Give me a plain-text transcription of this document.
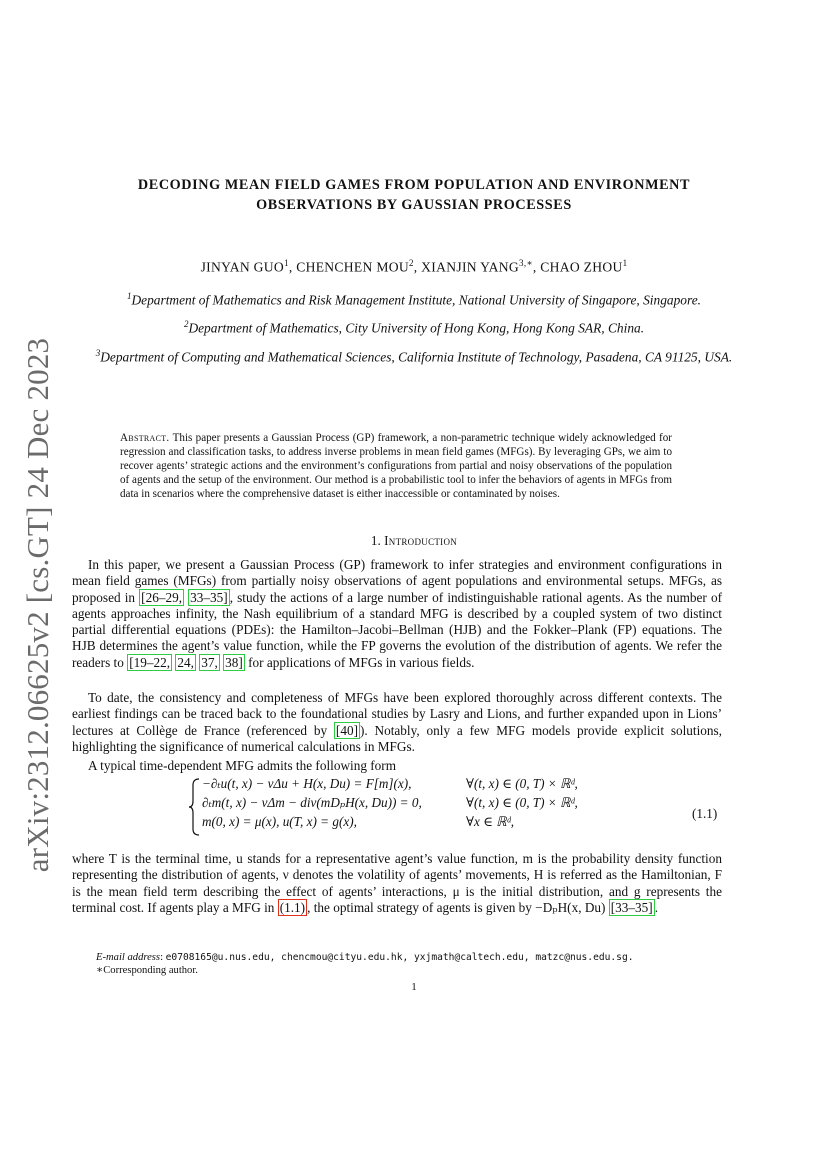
arXiv:2312.06625v2 [cs.GT] 24 Dec 2023
DECODING MEAN FIELD GAMES FROM POPULATION AND ENVIRONMENT
OBSERVATIONS BY GAUSSIAN PROCESSES
JINYAN GUO$^1$, CHENCHEN MOU$^2$, XIANJIN $YANG^{3,∗}$, CHAO ZHOU$^1$
$^1$Department of Mathematics and Risk Management Institute, National University of Singapore, Singapore.
$^2$Department of Mathematics, City University of Hong Kong, Hong Kong SAR, China.
$^3$Department of Computing and Mathematical Sciences, California Institute of Technology, Pasadena, CA 91125, USA.
Abstract. This paper presents a Gaussian Process (GP) framework, a non-parametric technique widely acknowledged for regression and classification tasks, to address inverse problems in mean field games (MFGs). By leveraging GPs, we aim to recover agents’ strategic actions and the environment’s configurations from partial and noisy observations of the population of agents and the setup of the environment. Our method is a probabilistic tool to infer the behaviors of agents in MFGs from data in scenarios where the comprehensive dataset is either inaccessible or contaminated by noises.
1. Introduction
In this paper, we present a Gaussian Process (GP) framework to infer strategies and environment configurations in mean field games (MFGs) from partially noisy observations of agent populations and environmental setups. MFGs, as proposed in [26–29, 33–35] , study the actions of a large number of indistinguishable rational agents. As the number of agents approaches infinity, the Nash equilibrium of a standard MFG is described by a coupled system of two distinct partial differential equations (PDEs): the Hamilton–Jacobi–Bellman (HJB) and the Fokker–Plank (FP) equations. The HJB determines the agent’s value function, while the FP governs the evolution of the distribution of agents. We refer the readers to [19–22, 24, 37, 38] for applications of MFGs in various fields.
To date, the consistency and completeness of MFGs have been explored thoroughly across different contexts. The earliest findings can be traced back to the foundational studies by Lasry and Lions, and further expanded upon in Lions’ lectures at Collège de France (referenced by [40] ). Notably, only a few MFG models provide explicit solutions, highlighting the significance of numerical calculations in MFGs.
A typical time-dependent MFG admits the following form
−∂ₜu(t, x) − νΔu + H(x, Du) = F[m](x),	∀(t, x) ∈ (0, T) × ℝᵈ,
∂ₜm(t, x) − νΔm − div(mDₚH(x, Du)) = 0,	∀(t, x) ∈ (0, T) × ℝᵈ,
m(0, x) = μ(x), u(T, x) = g(x),	∀x ∈ ℝᵈ,
(1.1)
where T is the terminal time, u stands for a representative agent’s value function, m is the probability density function representing the distribution of agents, ν denotes the volatility of agents’ movements, H is referred as the Hamiltonian, F is the mean field term describing the effect of agents’ interactions, μ is the initial distribution, and g represents the terminal cost. If agents play a MFG in (1.1) , the optimal strategy of agents is given by −DₚH(x, Du) [33–35] .
E-mail address: e0708165@u.nus.edu, chencmou@cityu.edu.hk, yxjmath@caltech.edu, matzc@nus.edu.sg.
∗Corresponding author.
1
